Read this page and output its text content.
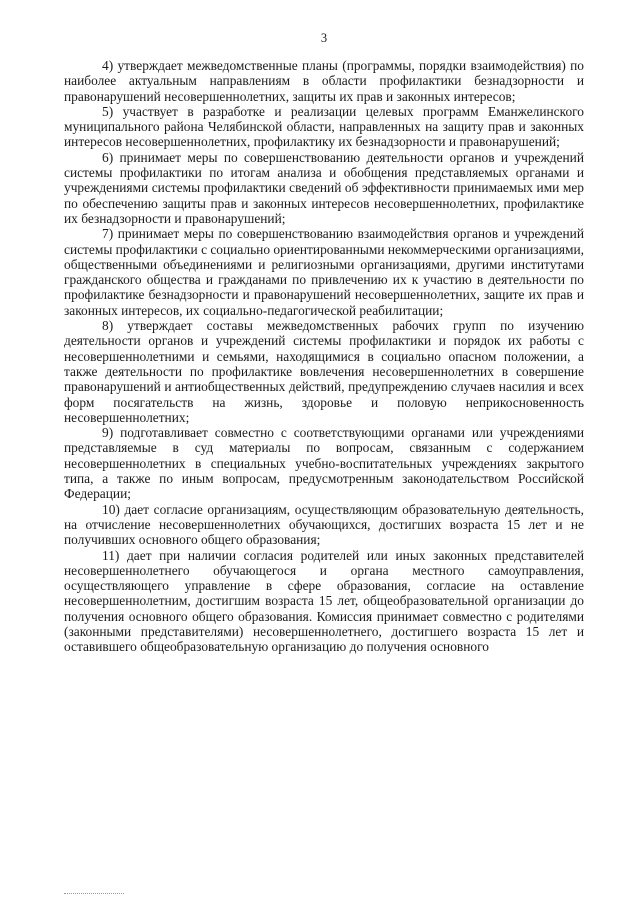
3

4) утверждает межведомственные планы (программы, порядки взаимодействия) по наиболее актуальным направлениям в области профилактики безнадзорности и правонарушений несовершеннолетних, защиты их прав и законных интересов;

5) участвует в разработке и реализации целевых программ Еманжелинского муниципального района Челябинской области, направленных на защиту прав и законных интересов несовершеннолетних, профилактику их безнадзорности и правонарушений;

6) принимает меры по совершенствованию деятельности органов и учреждений системы профилактики по итогам анализа и обобщения представляемых органами и учреждениями системы профилактики сведений об эффективности принимаемых ими мер по обеспечению защиты прав и законных интересов несовершеннолетних, профилактике их безнадзорности и правонарушений;

7) принимает меры по совершенствованию взаимодействия органов и учреждений системы профилактики с социально ориентированными некоммерческими организациями, общественными объединениями и религиозными организациями, другими институтами гражданского общества и гражданами по привлечению их к участию в деятельности по профилактике безнадзорности и правонарушений несовершеннолетних, защите их прав и законных интересов, их социально-педагогической реабилитации;

8) утверждает составы межведомственных рабочих групп по изучению деятельности органов и учреждений системы профилактики и порядок их работы с несовершеннолетними и семьями, находящимися в социально опасном положении, а также деятельности по профилактике вовлечения несовершеннолетних в совершение правонарушений и антиобщественных действий, предупреждению случаев насилия и всех форм посягательств на жизнь, здоровье и половую неприкосновенность несовершеннолетних;

9) подготавливает совместно с соответствующими органами или учреждениями представляемые в суд материалы по вопросам, связанным с содержанием несовершеннолетних в специальных учебно-воспитательных учреждениях закрытого типа, а также по иным вопросам, предусмотренным законодательством Российской Федерации;

10) дает согласие организациям, осуществляющим образовательную деятельность, на отчисление несовершеннолетних обучающихся, достигших возраста 15 лет и не получивших основного общего образования;

11) дает при наличии согласия родителей или иных законных представителей несовершеннолетнего обучающегося и органа местного самоуправления, осуществляющего управление в сфере образования, согласие на оставление несовершеннолетним, достигшим возраста 15 лет, общеобразовательной организации до получения основного общего образования. Комиссия принимает совместно с родителями (законными представителями) несовершеннолетнего, достигшего возраста 15 лет и оставившего общеобразовательную организацию до получения основного
